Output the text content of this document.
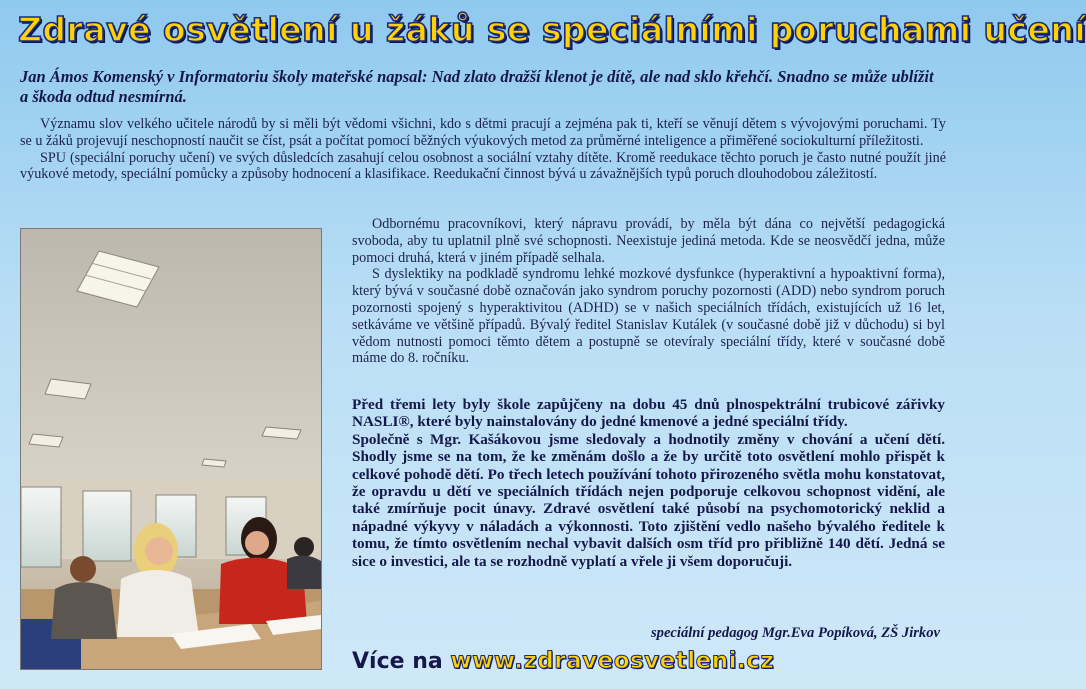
Zdravé osvětlení u žáků se speciálními poruchami učení
Jan Ámos Komenský v Informatoriu školy mateřské napsal: Nad zlato dražší klenot je dítě, ale nad sklo křehčí. Snadno se může ublížit a škoda odtud nesmírná.

Významu slov velkého učitele národů by si měli být vědomi všichni, kdo s dětmi pracují a zejména pak ti, kteří se věnují dětem s vývojovými poruchami. Ty se u žáků projevují neschopností naučit se číst, psát a počítat pomocí běžných výukových metod za průměrné inteligence a přiměřené sociokulturní příležitosti.

SPU (speciální poruchy učení) ve svých důsledcích zasahují celou osobnost a sociální vztahy dítěte. Kromě reedukace těchto poruch je často nutné použít jiné výukové metody, speciální pomůcky a způsoby hodnocení a klasifikace. Reedukační činnost bývá u závažnějších typů poruch dlouhodobou záležitostí.

Odbornému pracovníkovi, který nápravu provádí, by měla být dána co největší pedagogická svoboda, aby tu uplatnil plně své schopnosti. Neexistuje jediná metoda. Kde se neosvědčí jedna, může pomoci druhá, která v jiném případě selhala.

S dyslektiky na podkladě syndromu lehké mozkové dysfunkce (hyperaktivní a hypoaktivní forma), který bývá v současné době označován jako syndrom poruchy pozornosti (ADD) nebo syndrom poruch pozornosti spojený s hyperaktivitou (ADHD) se v našich speciálních třídách, existujících už 16 let, setkáváme ve většině případů. Bývalý ředitel Stanislav Kutálek (v současné době již v důchodu) si byl vědom nutnosti pomoci těmto dětem a postupně se otevíraly speciální třídy, které v současné době máme do 8. ročníku.

Před třemi lety byly škole zapůjčeny na dobu 45 dnů plnospektrální trubicové zářivky NASLI®, které byly nainstalovány do jedné kmenové a jedné speciální třídy.

Společně s Mgr. Kašákovou jsme sledovaly a hodnotily změny v chování a učení dětí. Shodly jsme se na tom, že ke změnám došlo a že by určitě toto osvětlení mohlo přispět k celkové pohodě dětí. Po třech letech používání tohoto přirozeného světla mohu konstatovat, že opravdu u dětí ve speciálních třídách nejen podporuje celkovou schopnost vidění, ale také zmírňuje pocit únavy. Zdravé osvětlení také působí na psychomotorický neklid a nápadné výkyvy v náladách a výkonnosti. Toto zjištění vedlo našeho bývalého ředitele k tomu, že tímto osvětlením nechal vybavit dalších osm tříd pro přibližně 140 dětí. Jedná se sice o investici, ale ta se rozhodně vyplatí a vřele ji všem doporučuji.

speciální pedagog Mgr.Eva Popíková, ZŠ Jirkov
Více na www.zdraveosvetleni.cz
